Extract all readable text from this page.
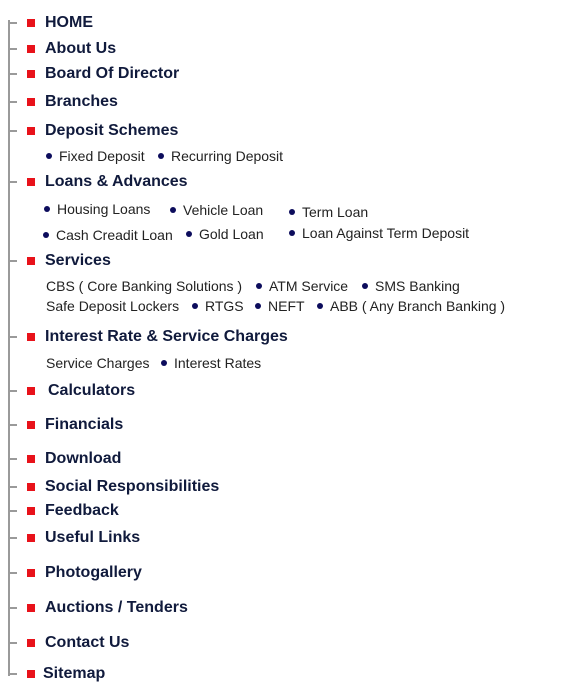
HOME
About Us
Board Of Director
Branches
Deposit Schemes
Fixed Deposit Recurring Deposit
Loans & Advances
Housing Loans Vehicle Loan	Term Loan
Cash Creadit Loan Gold Loan	Loan Against Term Deposit
Services
CBS ( Core Banking Solutions ) ATM Service SMS Banking
Safe Deposit Lockers RTGS NEFT ABB ( Any Branch Banking )
Interest Rate & Service Charges
Service Charges Interest Rates
Calculators
Financials
Download
Social Responsibilities
Feedback
Useful Links
Photogallery
Auctions / Tenders
Contact Us
Sitemap
